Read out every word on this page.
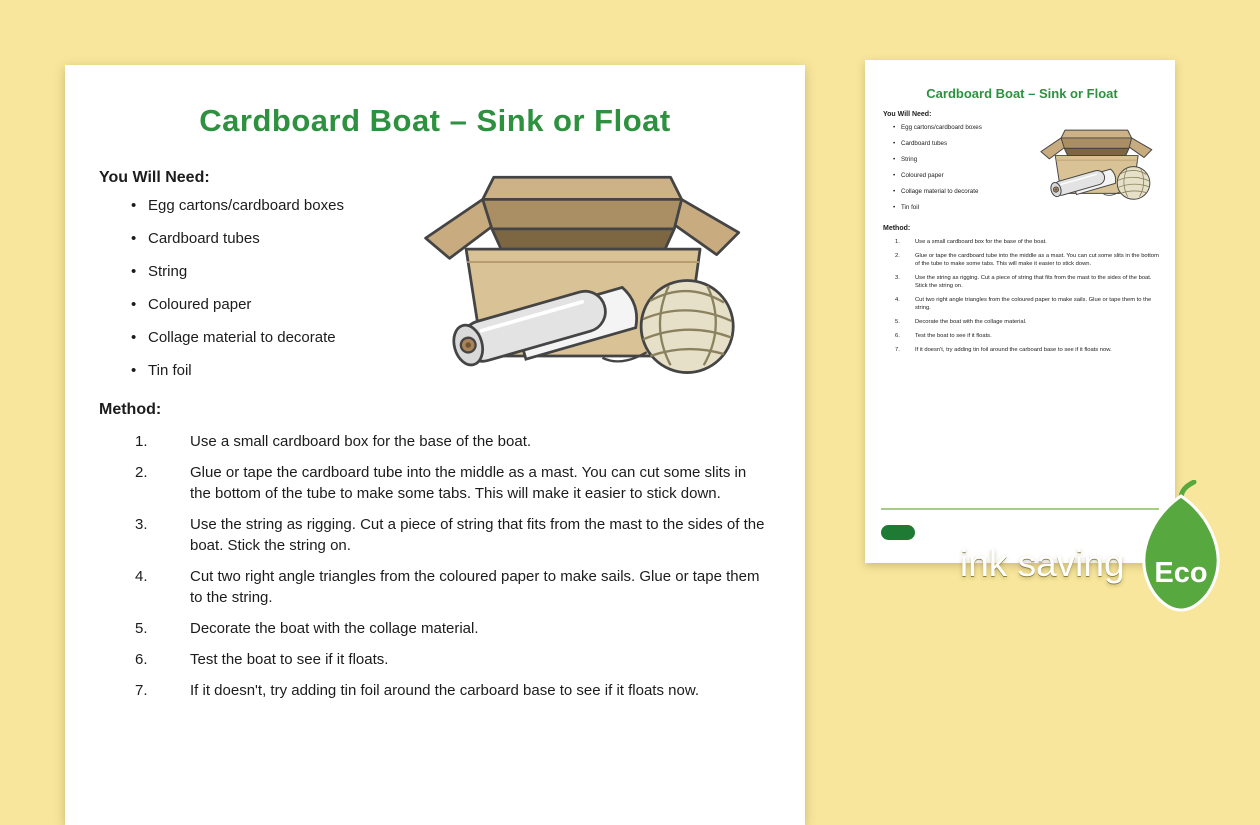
Cardboard Boat – Sink or Float
You Will Need:
• Egg cartons/cardboard boxes
• Cardboard tubes
• String
• Coloured paper
• Collage material to decorate
• Tin foil
Method:
Use a small cardboard box for the base of the boat.
Glue or tape the cardboard tube into the middle as a mast. You can cut some slits in the bottom of the tube to make some tabs. This will make it easier to stick down.
Use the string as rigging. Cut a piece of string that fits from the mast to the sides of the boat. Stick the string on.
Cut two right angle triangles from the coloured paper to make sails. Glue or tape them to the string.
Decorate the boat with the collage material.
Test the boat to see if it floats.
If it doesn't, try adding tin foil around the carboard base to see if it floats now.
Cardboard Boat – Sink or Float
You Will Need:
• Egg cartons/cardboard boxes
• Cardboard tubes
• String
• Coloured paper
• Collage material to decorate
• Tin foil
Method:
Use a small cardboard box for the base of the boat.
Glue or tape the cardboard tube into the middle as a mast. You can cut some slits in the bottom of the tube to make some tabs. This will make it easier to stick down.
Use the string as rigging. Cut a piece of string that fits from the mast to the sides of the boat. Stick the string on.
Cut two right angle triangles from the coloured paper to make sails. Glue or tape them to the string.
Decorate the boat with the collage material.
Test the boat to see if it floats.
If it doesn't, try adding tin foil around the carboard base to see if it floats now.
ink saving Eco
